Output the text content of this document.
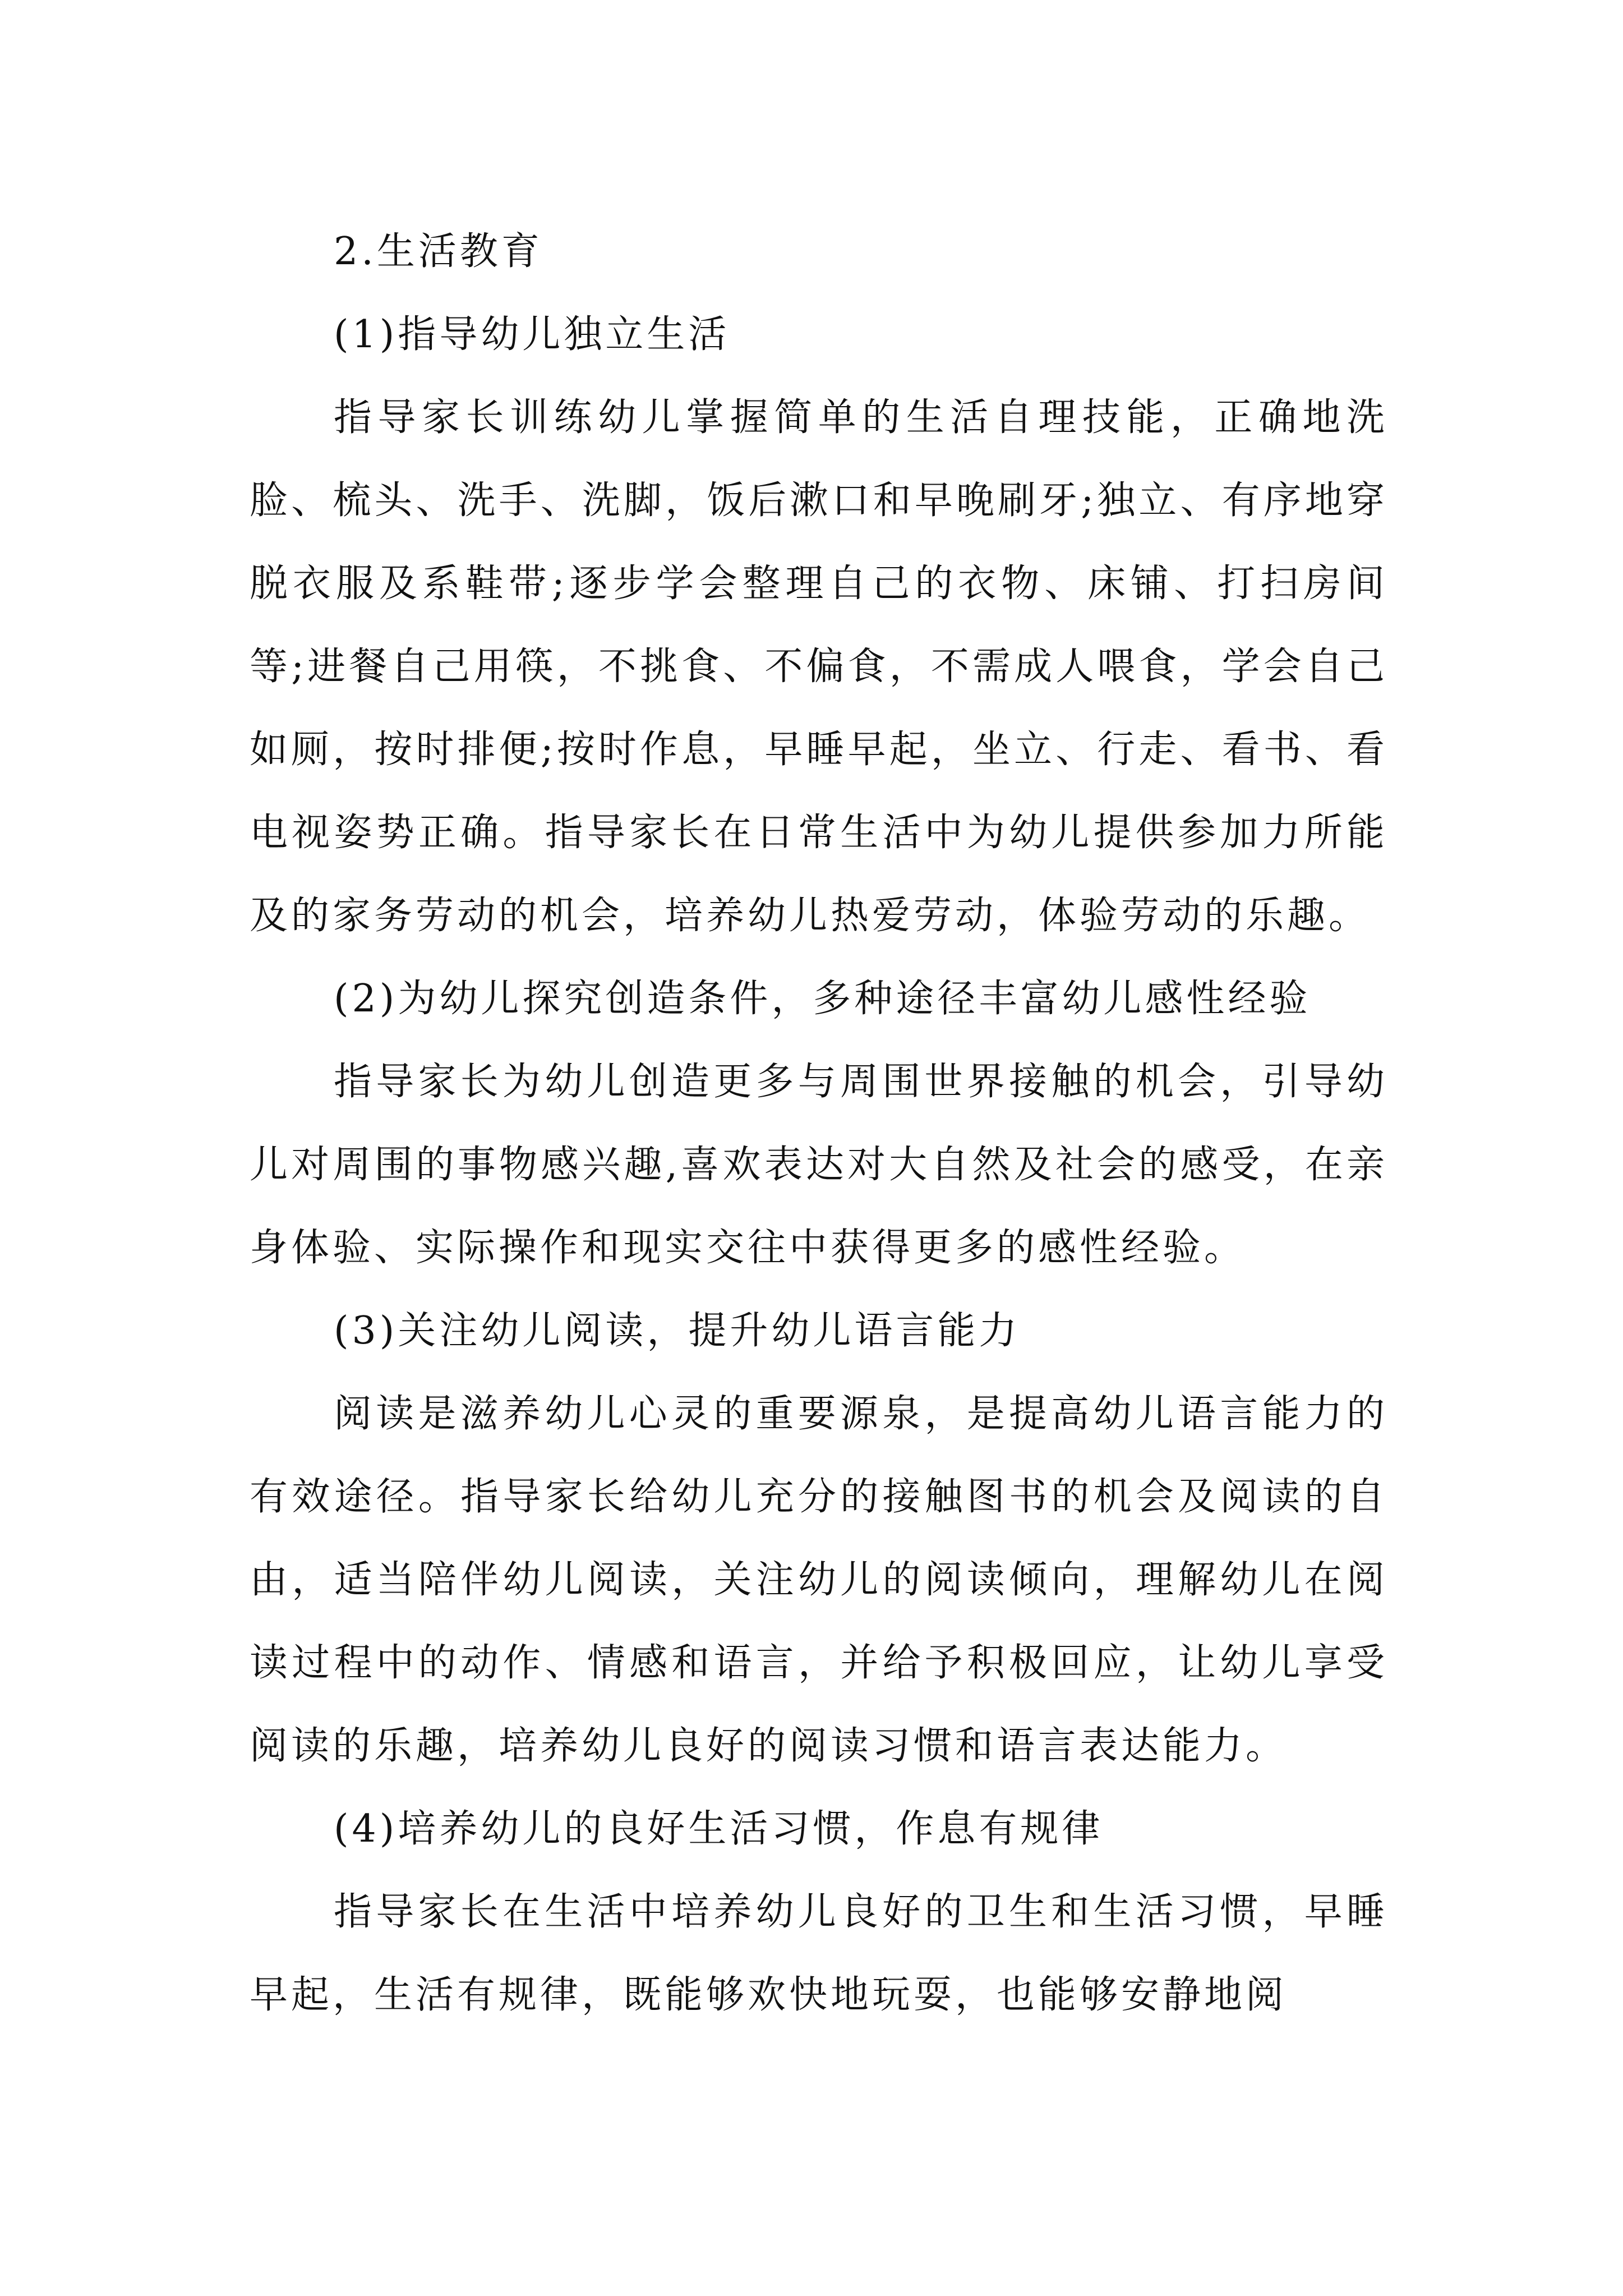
2.生活教育

(1)指导幼儿独立生活

指导家长训练幼儿掌握简单的生活自理技能，正确地洗脸、梳头、洗手、洗脚，饭后漱口和早晚刷牙;独立、有序地穿脱衣服及系鞋带;逐步学会整理自己的衣物、床铺、打扫房间等;进餐自己用筷，不挑食、不偏食，不需成人喂食，学会自己如厕，按时排便;按时作息，早睡早起，坐立、行走、看书、看电视姿势正确。指导家长在日常生活中为幼儿提供参加力所能及的家务劳动的机会，培养幼儿热爱劳动，体验劳动的乐趣。

(2)为幼儿探究创造条件，多种途径丰富幼儿感性经验

指导家长为幼儿创造更多与周围世界接触的机会，引导幼儿对周围的事物感兴趣,喜欢表达对大自然及社会的感受，在亲身体验、实际操作和现实交往中获得更多的感性经验。

(3)关注幼儿阅读，提升幼儿语言能力

阅读是滋养幼儿心灵的重要源泉，是提高幼儿语言能力的有效途径。指导家长给幼儿充分的接触图书的机会及阅读的自由，适当陪伴幼儿阅读，关注幼儿的阅读倾向，理解幼儿在阅读过程中的动作、情感和语言，并给予积极回应，让幼儿享受阅读的乐趣，培养幼儿良好的阅读习惯和语言表达能力。

(4)培养幼儿的良好生活习惯，作息有规律

指导家长在生活中培养幼儿良好的卫生和生活习惯，早睡早起，生活有规律，既能够欢快地玩耍，也能够安静地阅
